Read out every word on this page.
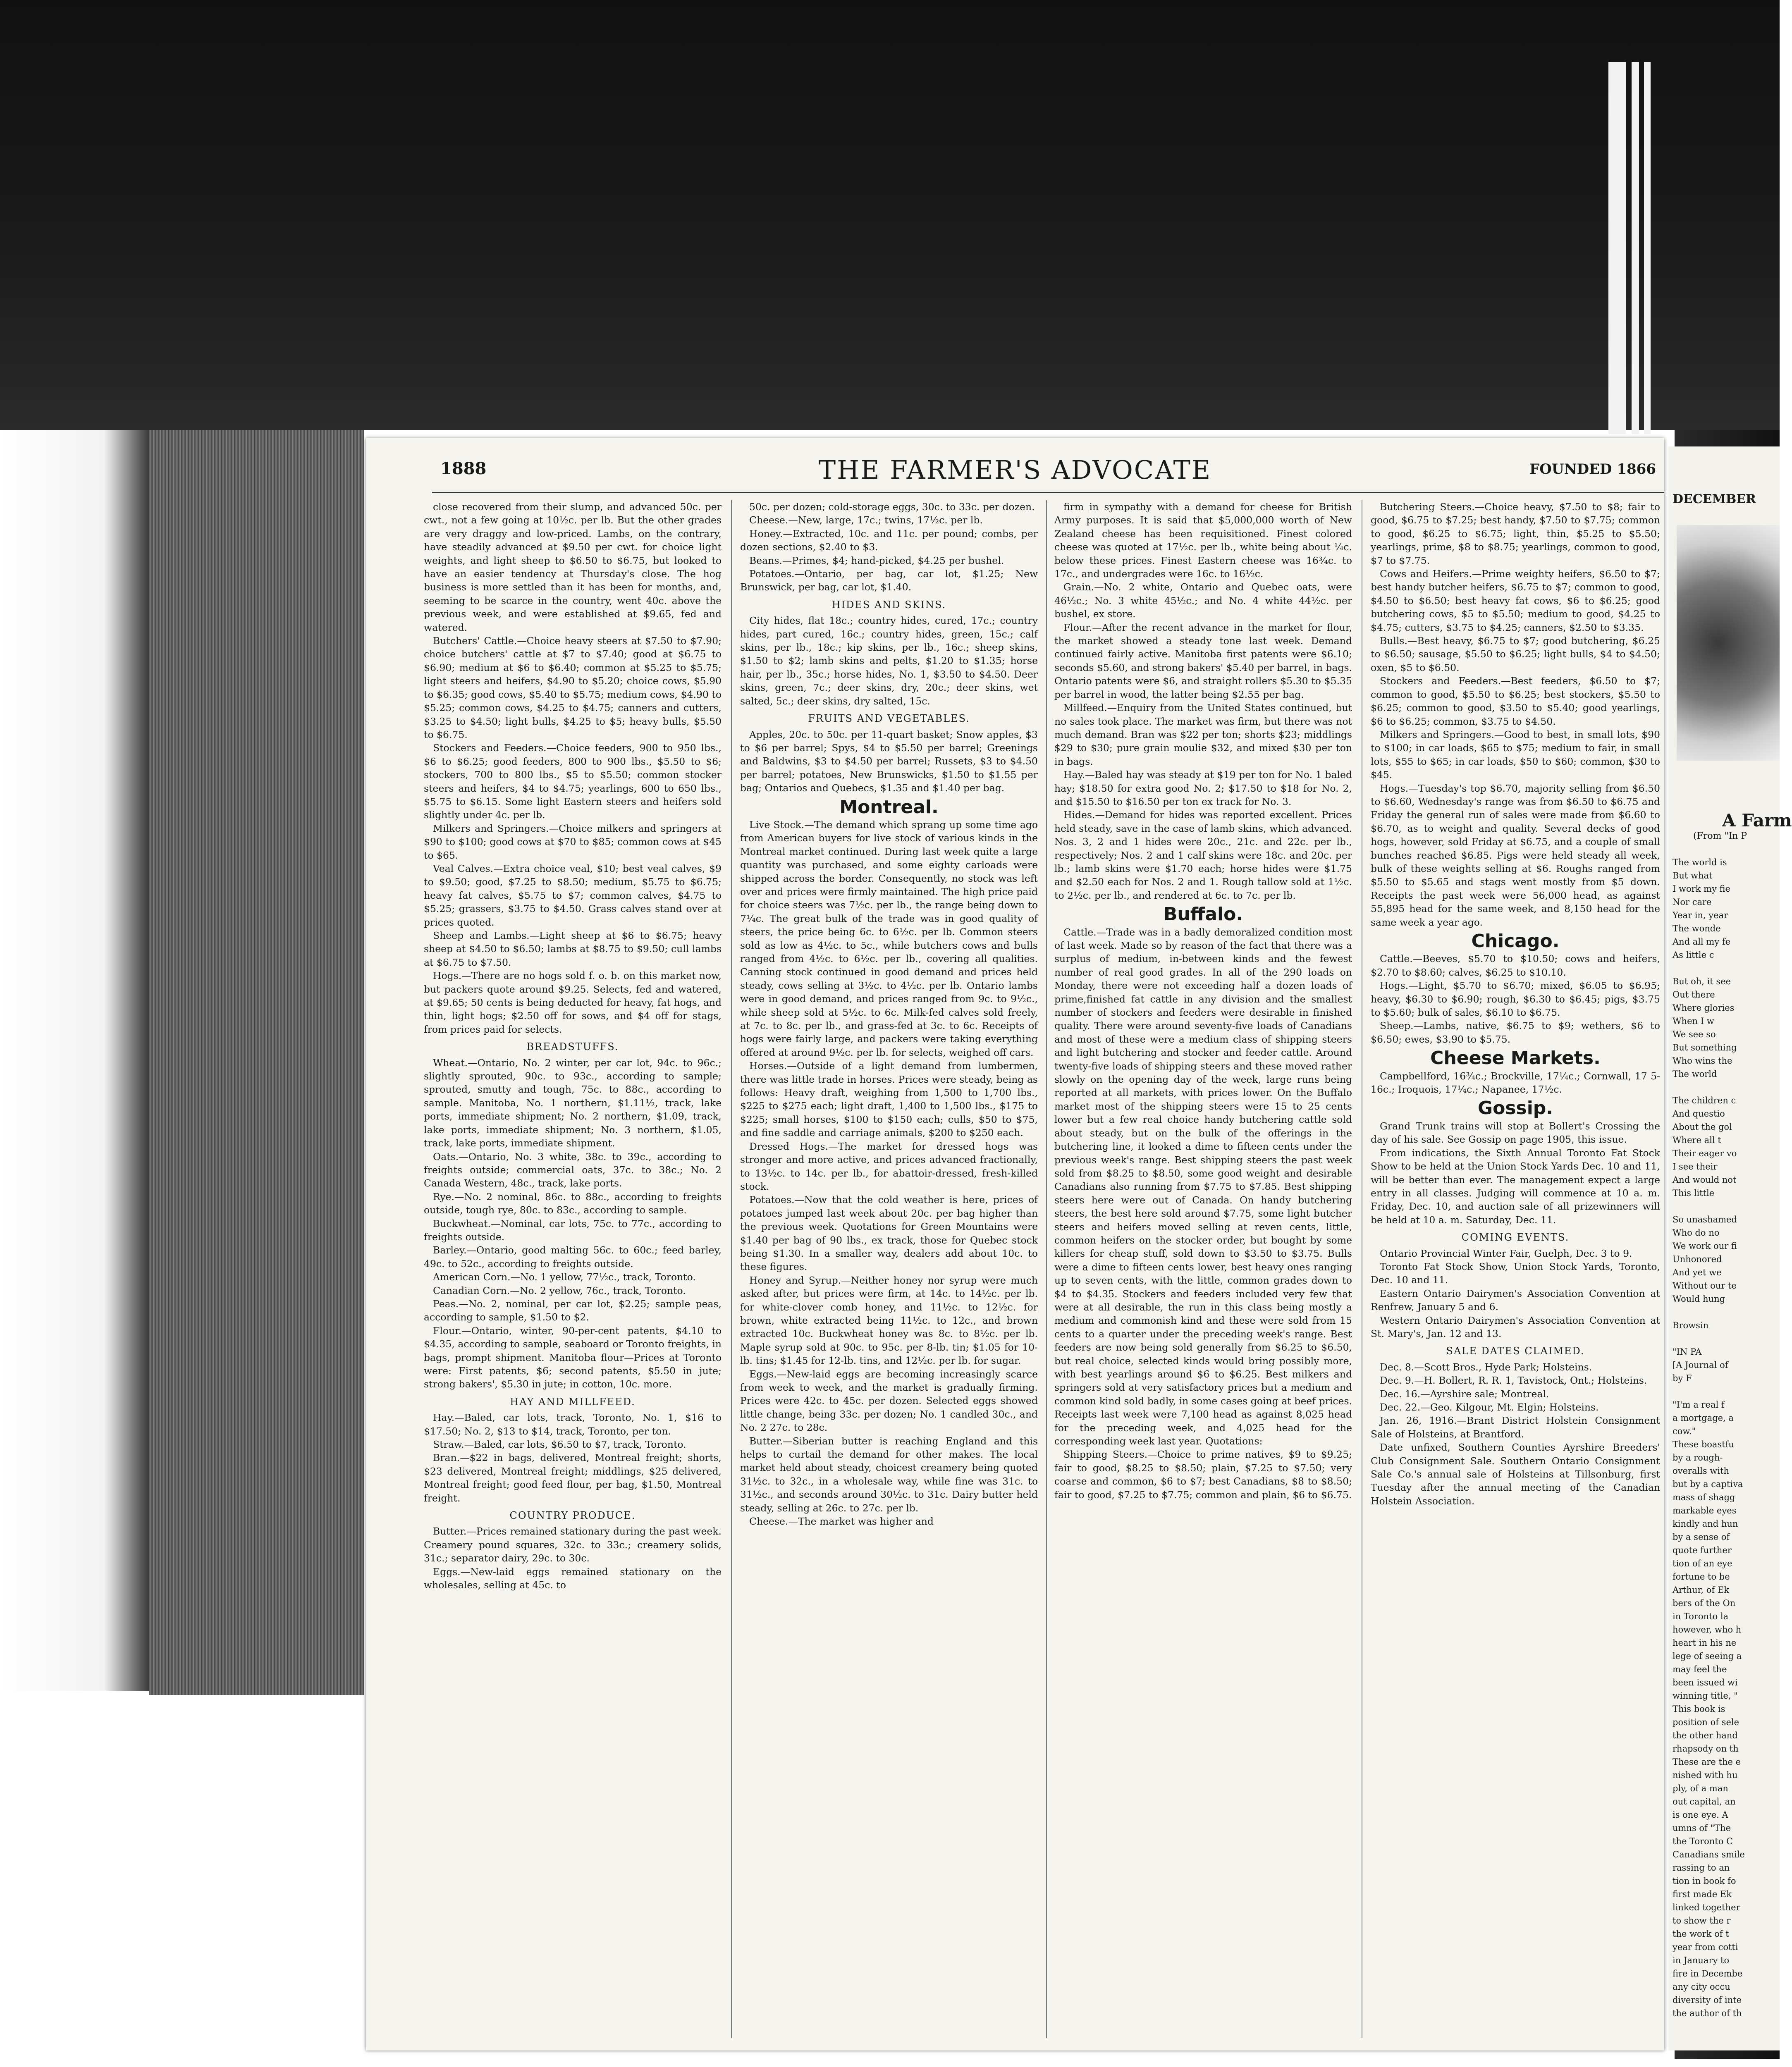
1888	THE FARMER'S ADVOCATE	FOUNDED 1866

close recovered from their slump, and advanced 50c. per cwt., not a few going at 10½c. per lb. But the other grades are very draggy and low-priced. Lambs, on the contrary, have steadily advanced at $9.50 per cwt. for choice light weights, and light sheep to $6.50 to $6.75, but looked to have an easier tendency at Thursday's close. The hog business is more settled than it has been for months, and, seeming to be scarce in the country, went 40c. above the previous week, and were established at $9.65, fed and watered.

Butchers' Cattle.—Choice heavy steers at $7.50 to $7.90; choice butchers' cattle at $7 to $7.40; good at $6.75 to $6.90; medium at $6 to $6.40; common at $5.25 to $5.75; light steers and heifers, $4.90 to $5.20; choice cows, $5.90 to $6.35; good cows, $5.40 to $5.75; medium cows, $4.90 to $5.25; common cows, $4.25 to $4.75; canners and cutters, $3.25 to $4.50; light bulls, $4.25 to $5; heavy bulls, $5.50 to $6.75.

Stockers and Feeders.—Choice feeders, 900 to 950 lbs., $6 to $6.25; good feeders, 800 to 900 lbs., $5.50 to $6; stockers, 700 to 800 lbs., $5 to $5.50; common stocker steers and heifers, $4 to $4.75; yearlings, 600 to 650 lbs., $5.75 to $6.15. Some light Eastern steers and heifers sold slightly under 4c. per lb.

Milkers and Springers.—Choice milkers and springers at $90 to $100; good cows at $70 to $85; common cows at $45 to $65.

Veal Calves.—Extra choice veal, $10; best veal calves, $9 to $9.50; good, $7.25 to $8.50; medium, $5.75 to $6.75; heavy fat calves, $5.75 to $7; common calves, $4.75 to $5.25; grassers, $3.75 to $4.50. Grass calves stand over at prices quoted.

Sheep and Lambs.—Light sheep at $6 to $6.75; heavy sheep at $4.50 to $6.50; lambs at $8.75 to $9.50; cull lambs at $6.75 to $7.50.

Hogs.—There are no hogs sold f. o. b. on this market now, but packers quote around $9.25. Selects, fed and watered, at $9.65; 50 cents is being deducted for heavy, fat hogs, and thin, light hogs; $2.50 off for sows, and $4 off for stags, from prices paid for selects.

BREADSTUFFS.

Wheat.—Ontario, No. 2 winter, per car lot, 94c. to 96c.; slightly sprouted, 90c. to 93c., according to sample; sprouted, smutty and tough, 75c. to 88c., according to sample. Manitoba, No. 1 northern, $1.11½, track, lake ports, immediate shipment; No. 2 northern, $1.09, track, lake ports, immediate shipment; No. 3 northern, $1.05, track, lake ports, immediate shipment.

Oats.—Ontario, No. 3 white, 38c. to 39c., according to freights outside; commercial oats, 37c. to 38c.; No. 2 Canada Western, 48c., track, lake ports.

Rye.—No. 2 nominal, 86c. to 88c., according to freights outside, tough rye, 80c. to 83c., according to sample.

Buckwheat.—Nominal, car lots, 75c. to 77c., according to freights outside.

Barley.—Ontario, good malting 56c. to 60c.; feed barley, 49c. to 52c., according to freights outside.

American Corn.—No. 1 yellow, 77½c., track, Toronto.

Canadian Corn.—No. 2 yellow, 76c., track, Toronto.

Peas.—No. 2, nominal, per car lot, $2.25; sample peas, according to sample, $1.50 to $2.

Flour.—Ontario, winter, 90-per-cent patents, $4.10 to $4.35, according to sample, seaboard or Toronto freights, in bags, prompt shipment. Manitoba flour—Prices at Toronto were: First patents, $6; second patents, $5.50 in jute; strong bakers', $5.30 in jute; in cotton, 10c. more.

HAY AND MILLFEED.

Hay.—Baled, car lots, track, Toronto, No. 1, $16 to $17.50; No. 2, $13 to $14, track, Toronto, per ton.

Straw.—Baled, car lots, $6.50 to $7, track, Toronto.

Bran.—$22 in bags, delivered, Montreal freight; shorts, $23 delivered, Montreal freight; middlings, $25 delivered, Montreal freight; good feed flour, per bag, $1.50, Montreal freight.

COUNTRY PRODUCE.

Butter.—Prices remained stationary during the past week. Creamery pound squares, 32c. to 33c.; creamery solids, 31c.; separator dairy, 29c. to 30c.

Eggs.—New-laid eggs remained stationary on the wholesales, selling at 45c. to

50c. per dozen; cold-storage eggs, 30c. to 33c. per dozen.

Cheese.—New, large, 17c.; twins, 17½c. per lb.

Honey.—Extracted, 10c. and 11c. per pound; combs, per dozen sections, $2.40 to $3.

Beans.—Primes, $4; hand-picked, $4.25 per bushel.

Potatoes.—Ontario, per bag, car lot, $1.25; New Brunswick, per bag, car lot, $1.40.

HIDES AND SKINS.

City hides, flat 18c.; country hides, cured, 17c.; country hides, part cured, 16c.; country hides, green, 15c.; calf skins, per lb., 18c.; kip skins, per lb., 16c.; sheep skins, $1.50 to $2; lamb skins and pelts, $1.20 to $1.35; horse hair, per lb., 35c.; horse hides, No. 1, $3.50 to $4.50. Deer skins, green, 7c.; deer skins, dry, 20c.; deer skins, wet salted, 5c.; deer skins, dry salted, 15c.

FRUITS AND VEGETABLES.

Apples, 20c. to 50c. per 11-quart basket; Snow apples, $3 to $6 per barrel; Spys, $4 to $5.50 per barrel; Greenings and Baldwins, $3 to $4.50 per barrel; Russets, $3 to $4.50 per barrel; potatoes, New Brunswicks, $1.50 to $1.55 per bag; Ontarios and Quebecs, $1.35 and $1.40 per bag.

Montreal.

Live Stock.—The demand which sprang up some time ago from American buyers for live stock of various kinds in the Montreal market continued. During last week quite a large quantity was purchased, and some eighty carloads were shipped across the border. Consequently, no stock was left over and prices were firmly maintained. The high price paid for choice steers was 7½c. per lb., the range being down to 7¼c. The great bulk of the trade was in good quality of steers, the price being 6c. to 6½c. per lb. Common steers sold as low as 4½c. to 5c., while butchers cows and bulls ranged from 4½c. to 6½c. per lb., covering all qualities. Canning stock continued in good demand and prices held steady, cows selling at 3½c. to 4½c. per lb. Ontario lambs were in good demand, and prices ranged from 9c. to 9½c., while sheep sold at 5½c. to 6c. Milk-fed calves sold freely, at 7c. to 8c. per lb., and grass-fed at 3c. to 6c. Receipts of hogs were fairly large, and packers were taking everything offered at around 9½c. per lb. for selects, weighed off cars.

Horses.—Outside of a light demand from lumbermen, there was little trade in horses. Prices were steady, being as follows: Heavy draft, weighing from 1,500 to 1,700 lbs., $225 to $275 each; light draft, 1,400 to 1,500 lbs., $175 to $225; small horses, $100 to $150 each; culls, $50 to $75, and fine saddle and carriage animals, $200 to $250 each.

Dressed Hogs.—The market for dressed hogs was stronger and more active, and prices advanced fractionally, to 13½c. to 14c. per lb., for abattoir-dressed, fresh-killed stock.

Potatoes.—Now that the cold weather is here, prices of potatoes jumped last week about 20c. per bag higher than the previous week. Quotations for Green Mountains were $1.40 per bag of 90 lbs., ex track, those for Quebec stock being $1.30. In a smaller way, dealers add about 10c. to these figures.

Honey and Syrup.—Neither honey nor syrup were much asked after, but prices were firm, at 14c. to 14½c. per lb. for white-clover comb honey, and 11½c. to 12½c. for brown, white extracted being 11½c. to 12c., and brown extracted 10c. Buckwheat honey was 8c. to 8½c. per lb. Maple syrup sold at 90c. to 95c. per 8-lb. tin; $1.05 for 10-lb. tins; $1.45 for 12-lb. tins, and 12½c. per lb. for sugar.

Eggs.—New-laid eggs are becoming increasingly scarce from week to week, and the market is gradually firming. Prices were 42c. to 45c. per dozen. Selected eggs showed little change, being 33c. per dozen; No. 1 candled 30c., and No. 2 27c. to 28c.

Butter.—Siberian butter is reaching England and this helps to curtail the demand for other makes. The local market held about steady, choicest creamery being quoted 31½c. to 32c., in a wholesale way, while fine was 31c. to 31½c., and seconds around 30½c. to 31c. Dairy butter held steady, selling at 26c. to 27c. per lb.

Cheese.—The market was higher and

firm in sympathy with a demand for cheese for British Army purposes. It is said that $5,000,000 worth of New Zealand cheese has been requisitioned. Finest colored cheese was quoted at 17½c. per lb., white being about ¼c. below these prices. Finest Eastern cheese was 16¾c. to 17c., and undergrades were 16c. to 16½c.

Grain.—No. 2 white, Ontario and Quebec oats, were 46½c.; No. 3 white 45½c.; and No. 4 white 44½c. per bushel, ex store.

Flour.—After the recent advance in the market for flour, the market showed a steady tone last week. Demand continued fairly active. Manitoba first patents were $6.10; seconds $5.60, and strong bakers' $5.40 per barrel, in bags. Ontario patents were $6, and straight rollers $5.30 to $5.35 per barrel in wood, the latter being $2.55 per bag.

Millfeed.—Enquiry from the United States continued, but no sales took place. The market was firm, but there was not much demand. Bran was $22 per ton; shorts $23; middlings $29 to $30; pure grain moulie $32, and mixed $30 per ton in bags.

Hay.—Baled hay was steady at $19 per ton for No. 1 baled hay; $18.50 for extra good No. 2; $17.50 to $18 for No. 2, and $15.50 to $16.50 per ton ex track for No. 3.

Hides.—Demand for hides was reported excellent. Prices held steady, save in the case of lamb skins, which advanced. Nos. 3, 2 and 1 hides were 20c., 21c. and 22c. per lb., respectively; Nos. 2 and 1 calf skins were 18c. and 20c. per lb.; lamb skins were $1.70 each; horse hides were $1.75 and $2.50 each for Nos. 2 and 1. Rough tallow sold at 1½c. to 2½c. per lb., and rendered at 6c. to 7c. per lb.

Buffalo.

Cattle.—Trade was in a badly demoralized condition most of last week. Made so by reason of the fact that there was a surplus of medium, in-between kinds and the fewest number of real good grades. In all of the 290 loads on Monday, there were not exceeding half a dozen loads of prime,finished fat cattle in any division and the smallest number of stockers and feeders were desirable in finished quality. There were around seventy-five loads of Canadians and most of these were a medium class of shipping steers and light butchering and stocker and feeder cattle. Around twenty-five loads of shipping steers and these moved rather slowly on the opening day of the week, large runs being reported at all markets, with prices lower. On the Buffalo market most of the shipping steers were 15 to 25 cents lower but a few real choice handy butchering cattle sold about steady, but on the bulk of the offerings in the butchering line, it looked a dime to fifteen cents under the previous week's range. Best shipping steers the past week sold from $8.25 to $8.50, some good weight and desirable Canadians also running from $7.75 to $7.85. Best shipping steers here were out of Canada. On handy butchering steers, the best here sold around $7.75, some light butcher steers and heifers moved selling at reven cents, little, common heifers on the stocker order, but bought by some killers for cheap stuff, sold down to $3.50 to $3.75. Bulls were a dime to fifteen cents lower, best heavy ones ranging up to seven cents, with the little, common grades down to $4 to $4.35. Stockers and feeders included very few that were at all desirable, the run in this class being mostly a medium and commonish kind and these were sold from 15 cents to a quarter under the preceding week's range. Best feeders are now being sold generally from $6.25 to $6.50, but real choice, selected kinds would bring possibly more, with best yearlings around $6 to $6.25. Best milkers and springers sold at very satisfactory prices but a medium and common kind sold badly, in some cases going at beef prices. Receipts last week were 7,100 head as against 8,025 head for the preceding week, and 4,025 head for the corresponding week last year. Quotations:

Shipping Steers.—Choice to prime natives, $9 to $9.25; fair to good, $8.25 to $8.50; plain, $7.25 to $7.50; very coarse and common, $6 to $7; best Canadians, $8 to $8.50; fair to good, $7.25 to $7.75; common and plain, $6 to $6.75.

Butchering Steers.—Choice heavy, $7.50 to $8; fair to good, $6.75 to $7.25; best handy, $7.50 to $7.75; common to good, $6.25 to $6.75; light, thin, $5.25 to $5.50; yearlings, prime, $8 to $8.75; yearlings, common to good, $7 to $7.75.

Cows and Heifers.—Prime weighty heifers, $6.50 to $7; best handy butcher heifers, $6.75 to $7; common to good, $4.50 to $6.50; best heavy fat cows, $6 to $6.25; good butchering cows, $5 to $5.50; medium to good, $4.25 to $4.75; cutters, $3.75 to $4.25; canners, $2.50 to $3.35.

Bulls.—Best heavy, $6.75 to $7; good butchering, $6.25 to $6.50; sausage, $5.50 to $6.25; light bulls, $4 to $4.50; oxen, $5 to $6.50.

Stockers and Feeders.—Best feeders, $6.50 to $7; common to good, $5.50 to $6.25; best stockers, $5.50 to $6.25; common to good, $3.50 to $5.40; good yearlings, $6 to $6.25; common, $3.75 to $4.50.

Milkers and Springers.—Good to best, in small lots, $90 to $100; in car loads, $65 to $75; medium to fair, in small lots, $55 to $65; in car loads, $50 to $60; common, $30 to $45.

Hogs.—Tuesday's top $6.70, majority selling from $6.50 to $6.60, Wednesday's range was from $6.50 to $6.75 and Friday the general run of sales were made from $6.60 to $6.70, as to weight and quality. Several decks of good hogs, however, sold Friday at $6.75, and a couple of small bunches reached $6.85. Pigs were held steady all week, bulk of these weights selling at $6. Roughs ranged from $5.50 to $5.65 and stags went mostly from $5 down. Receipts the past week were 56,000 head, as against 55,895 head for the same week, and 8,150 head for the same week a year ago.

Chicago.

Cattle.—Beeves, $5.70 to $10.50; cows and heifers, $2.70 to $8.60; calves, $6.25 to $10.10.

Hogs.—Light, $5.70 to $6.70; mixed, $6.05 to $6.95; heavy, $6.30 to $6.90; rough, $6.30 to $6.45; pigs, $3.75 to $5.60; bulk of sales, $6.10 to $6.75.

Sheep.—Lambs, native, $6.75 to $9; wethers, $6 to $6.50; ewes, $3.90 to $5.75.

Cheese Markets.

Campbellford, 16¾c.; Brockville, 17¼c.; Cornwall, 17 5-16c.; Iroquois, 17¼c.; Napanee, 17½c.

Gossip.

Grand Trunk trains will stop at Bollert's Crossing the day of his sale. See Gossip on page 1905, this issue.

From indications, the Sixth Annual Toronto Fat Stock Show to be held at the Union Stock Yards Dec. 10 and 11, will be better than ever. The management expect a large entry in all classes. Judging will commence at 10 a. m. Friday, Dec. 10, and auction sale of all prizewinners will be held at 10 a. m. Saturday, Dec. 11.

COMING EVENTS.

Ontario Provincial Winter Fair, Guelph, Dec. 3 to 9.

Toronto Fat Stock Show, Union Stock Yards, Toronto, Dec. 10 and 11.

Eastern Ontario Dairymen's Association Convention at Renfrew, January 5 and 6.

Western Ontario Dairymen's Association Convention at St. Mary's, Jan. 12 and 13.

SALE DATES CLAIMED.

Dec. 8.—Scott Bros., Hyde Park; Holsteins.

Dec. 9.—H. Bollert, R. R. 1, Tavistock, Ont.; Holsteins.

Dec. 16.—Ayrshire sale; Montreal.

Dec. 22.—Geo. Kilgour, Mt. Elgin; Holsteins.

Jan. 26, 1916.—Brant District Holstein Consignment Sale of Holsteins, at Brantford.

Date unfixed, Southern Counties Ayrshire Breeders' Club Consignment Sale. Southern Ontario Consignment Sale Co.'s annual sale of Holsteins at Tillsonburg, first Tuesday after the annual meeting of the Canadian Holstein Association.

DECEMBER
A Farm
(From "In P

The world is

But what

I work my fie

Nor care

Year in, year

The wonde

And all my fe

As little c

But oh, it see

Out there

Where glories

When I w

We see so

But something

Who wins the

The world

The children c

And questio

About the gol

Where all t

Their eager vo

I see their

And would not

This little

So unashamed

Who do no

We work our fi

Unhonored

And yet we

Without our te

Would hung

Browsin

"IN PA

[A Journal of

by F

"I'm a real f

a mortgage, a

cow."

These boastfu

by a rough-

overalls with

but by a captiva

mass of shagg

markable eyes

kindly and hun

by a sense of

quote further

tion of an eye

fortune to be

Arthur, of Ek

bers of the On

in Toronto la

however, who h

heart in his ne

lege of seeing a

may feel the

been issued wi

winning title, "

This book is

position of sele

the other hand

rhapsody on th

These are the e

nished with hu

ply, of a man

out capital, an

is one eye. A

umns of "The

the Toronto C

Canadians smile

rassing to an

tion in book fo

first made Ek

linked together

to show the r

the work of t

year from cotti

in January to

fire in Decembe

any city occu

diversity of inte

the author of th
